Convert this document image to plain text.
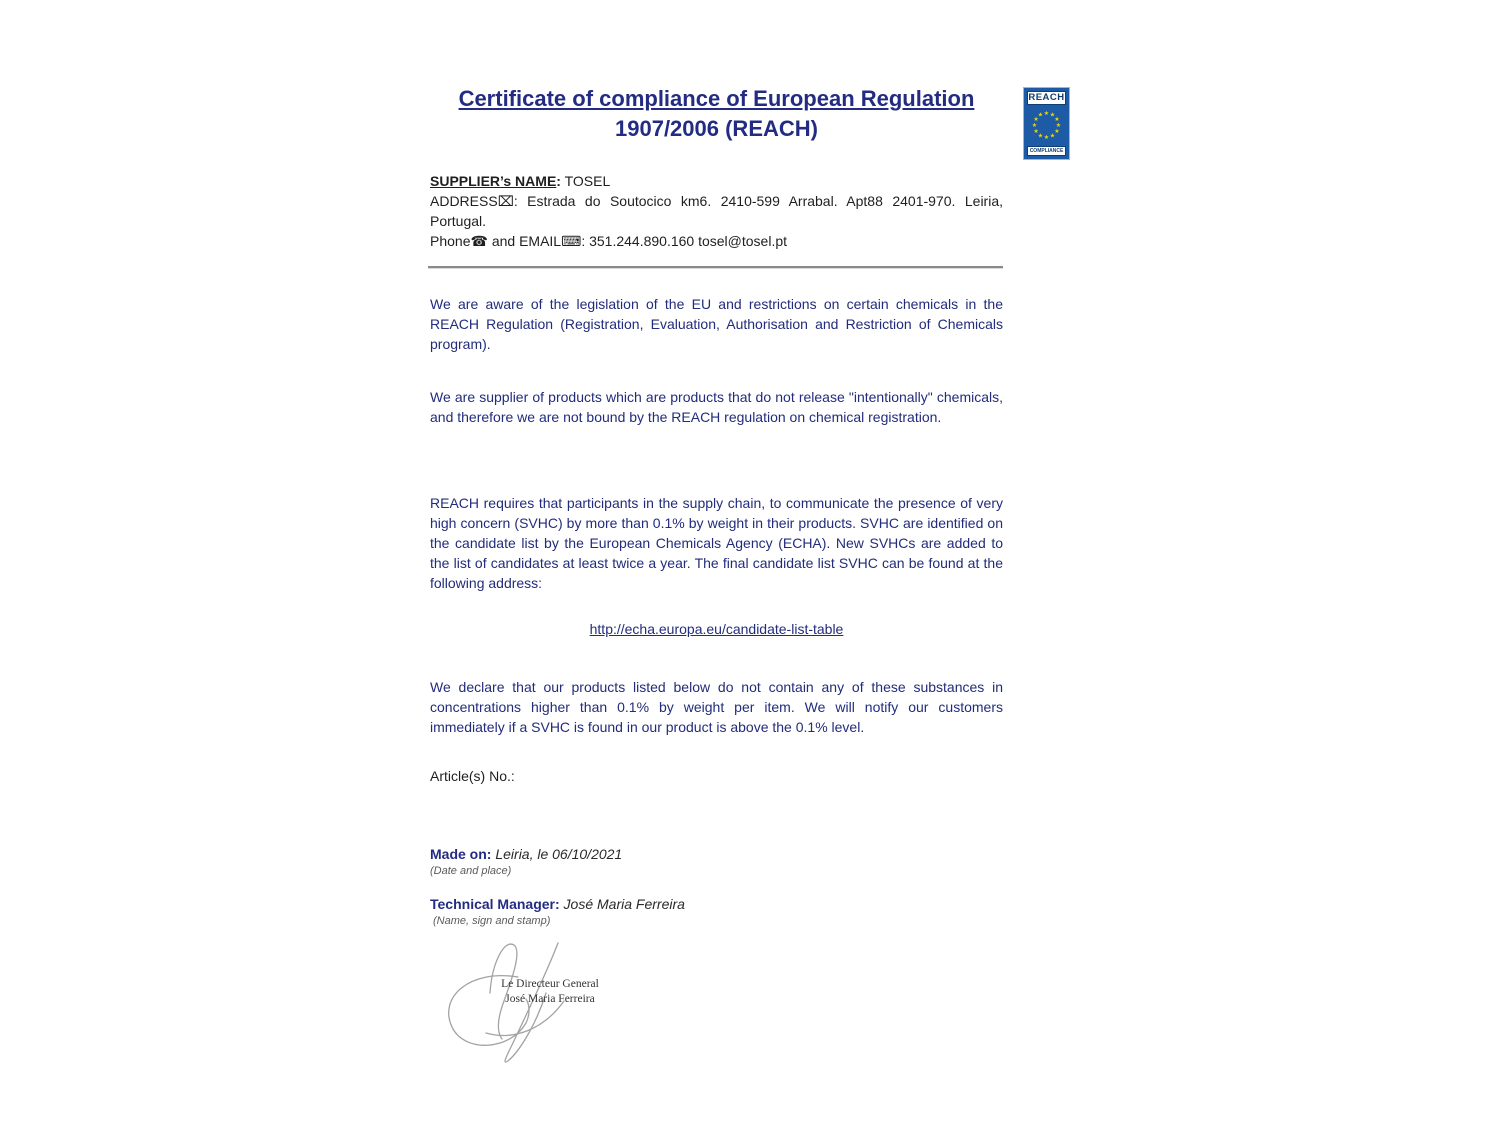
REACH
★ ★
★
★
★
★
★
★
★
★
★
★
COMPLIANCE
Certificate of compliance of European Regulation
1907/2006 (REACH)
SUPPLIER’s NAME: TOSEL
ADDRESS⌧: Estrada do Soutocico km6. 2410-599 Arrabal. Apt88 2401-970. Leiria, Portugal.
Phone☎ and EMAIL⌨: 351.244.890.160 tosel@tosel.pt
We are aware of the legislation of the EU and restrictions on certain chemicals in the REACH Regulation (Registration, Evaluation, Authorisation and Restriction of Chemicals program).
We are supplier of products which are products that do not release "intentionally" chemicals, and therefore we are not bound by the REACH regulation on chemical registration.
REACH requires that participants in the supply chain, to communicate the presence of very high concern (SVHC) by more than 0.1% by weight in their products. SVHC are identified on the candidate list by the European Chemicals Agency (ECHA). New SVHCs are added to the list of candidates at least twice a year. The final candidate list SVHC can be found at the following address:
http://echa.europa.eu/candidate-list-table
We declare that our products listed below do not contain any of these substances in concentrations higher than 0.1% by weight per item. We will notify our customers immediately if a SVHC is found in our product is above the 0.1% level.
Article(s) No.:
Made on: Leiria, le 06/10/2021
(Date and place)
Technical Manager: José Maria Ferreira
(Name, sign and stamp)
Le Directeur General
José Maria Ferreira
